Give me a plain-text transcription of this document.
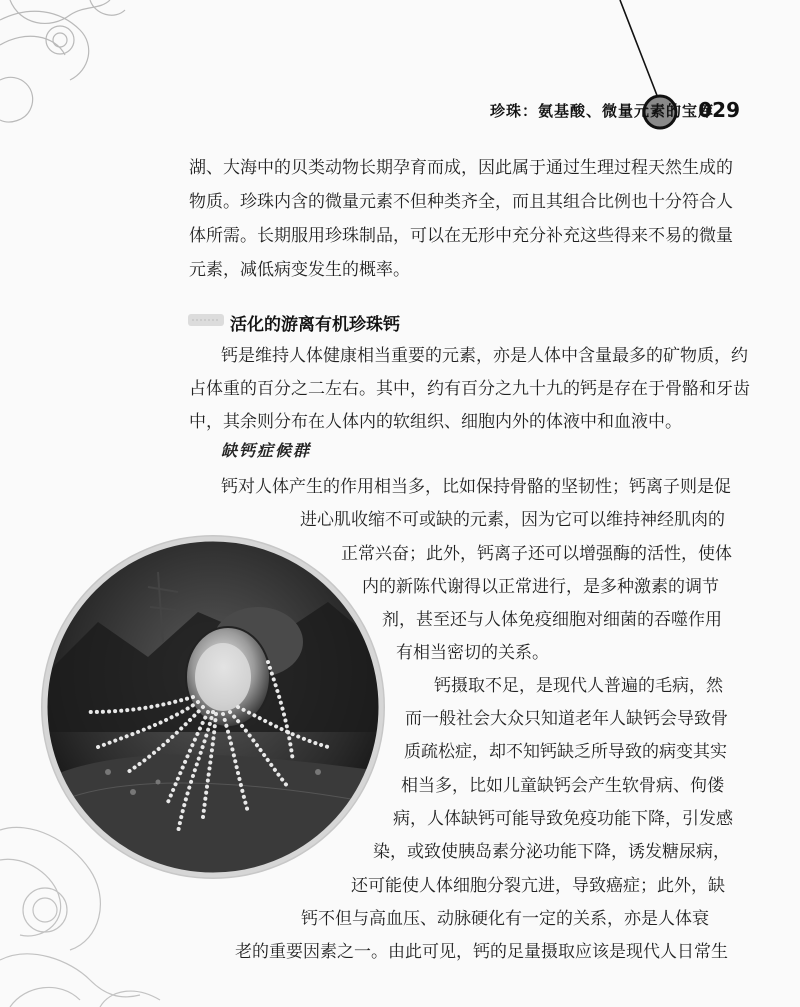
珍珠：氨基酸、微量元素的宝库
029
湖、大海中的贝类动物长期孕育而成，因此属于通过生理过程天然生成的
物质。珍珠内含的微量元素不但种类齐全，而且其组合比例也十分符合人
体所需。长期服用珍珠制品，可以在无形中充分补充这些得来不易的微量
元素，减低病变发生的概率。
活化的游离有机珍珠钙
钙是维持人体健康相当重要的元素，亦是人体中含量最多的矿物质，约
占体重的百分之二左右。其中，约有百分之九十九的钙是存在于骨骼和牙齿
中，其余则分布在人体内的软组织、细胞内外的体液中和血液中。
缺钙症候群
钙对人体产生的作用相当多，比如保持骨骼的坚韧性；钙离子则是促
进心肌收缩不可或缺的元素，因为它可以维持神经肌肉的
正常兴奋；此外，钙离子还可以增强酶的活性，使体
内的新陈代谢得以正常进行，是多种激素的调节
剂，甚至还与人体免疫细胞对细菌的吞噬作用
有相当密切的关系。
钙摄取不足，是现代人普遍的毛病，然
而一般社会大众只知道老年人缺钙会导致骨
质疏松症，却不知钙缺乏所导致的病变其实
相当多，比如儿童缺钙会产生软骨病、佝偻
病，人体缺钙可能导致免疫功能下降，引发感
染，或致使胰岛素分泌功能下降，诱发糖尿病，
还可能使人体细胞分裂亢进，导致癌症；此外，缺
钙不但与高血压、动脉硬化有一定的关系，亦是人体衰
老的重要因素之一。由此可见，钙的足量摄取应该是现代人日常生
